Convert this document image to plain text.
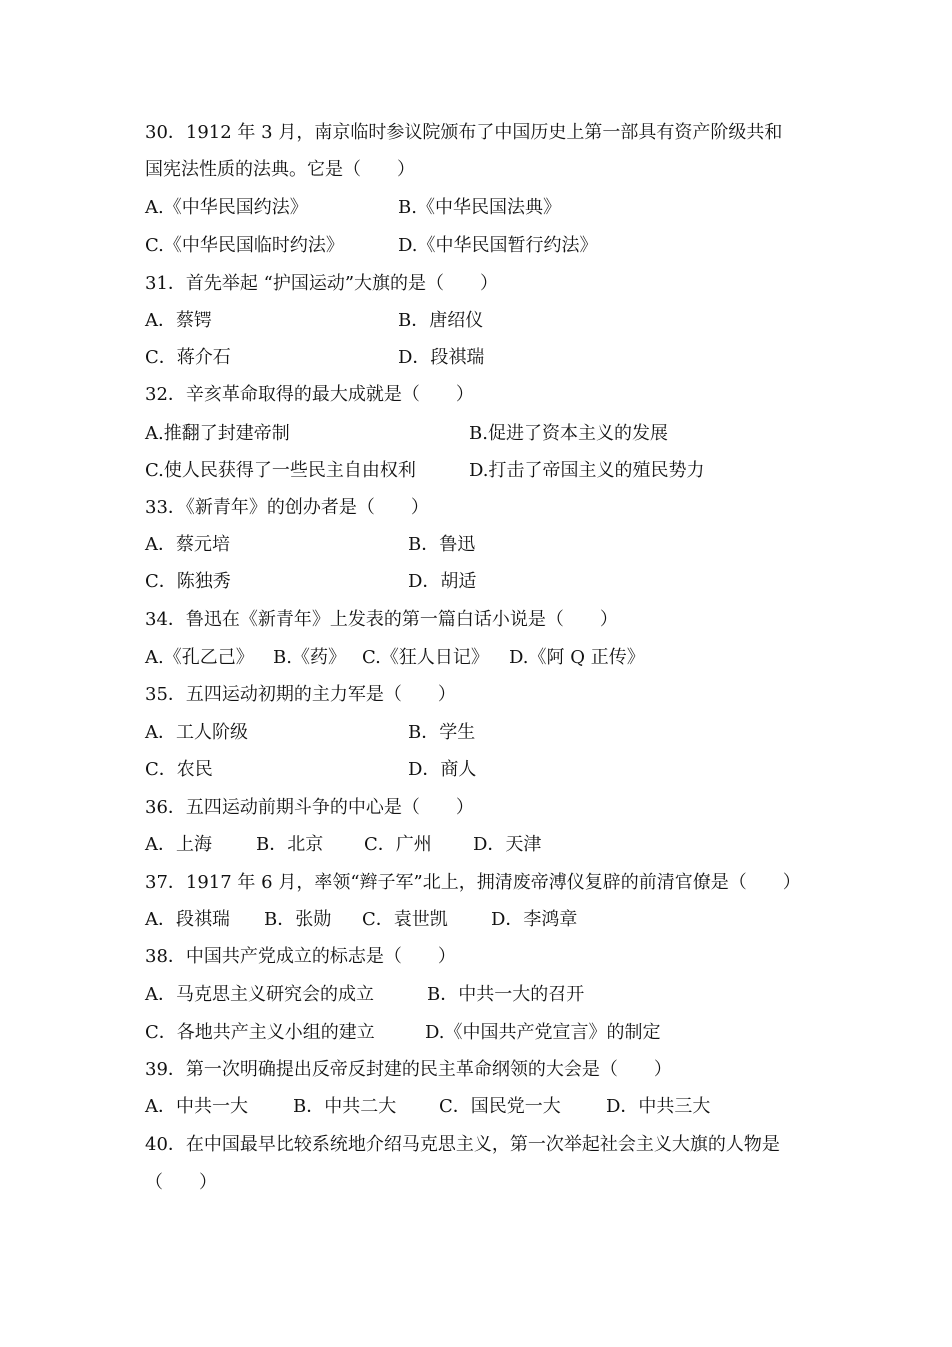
30．1912 年 3 月，南京临时参议院颁布了中国历史上第一部具有资产阶级共和
国宪法性质的法典。它是（　　）
A.《中华民国约法》	B.《中华民国法典》
C.《中华民国临时约法》	D.《中华民国暂行约法》
31．首先举起 “护国运动”大旗的是（　　）
A．蔡锷	B．唐绍仪
C．蒋介石	D．段祺瑞
32．辛亥革命取得的最大成就是（　　）
A.推翻了封建帝制	B.促进了资本主义的发展
C.使人民获得了一些民主自由权利	D.打击了帝国主义的殖民势力
33．《新青年》的创办者是（　　）
A．蔡元培	B．鲁迅
C．陈独秀	D．胡适
34．鲁迅在《新青年》上发表的第一篇白话小说是（　　）
A.《孔乙己》 B.《药》 C.《狂人日记》 D.《阿 Q 正传》
35．五四运动初期的主力军是（　　）
A．工人阶级	B．学生
C．农民	D．商人
36．五四运动前期斗争的中心是（　　）
A．上海 B．北京 C．广州 D．天津
37．1917 年 6 月，率领“辫子军”北上，拥清废帝溥仪复辟的前清官僚是（　　）
A．段祺瑞 B．张勋 C．袁世凯 D．李鸿章
38．中国共产党成立的标志是（　　）
A．马克思主义研究会的成立	B．中共一大的召开
C．各地共产主义小组的建立	D.《中国共产党宣言》的制定
39．第一次明确提出反帝反封建的民主革命纲领的大会是（　　）
A．中共一大	B．中共二大 C．国民党一大	D．中共三大
40．在中国最早比较系统地介绍马克思主义，第一次举起社会主义大旗的人物是
（　　）
